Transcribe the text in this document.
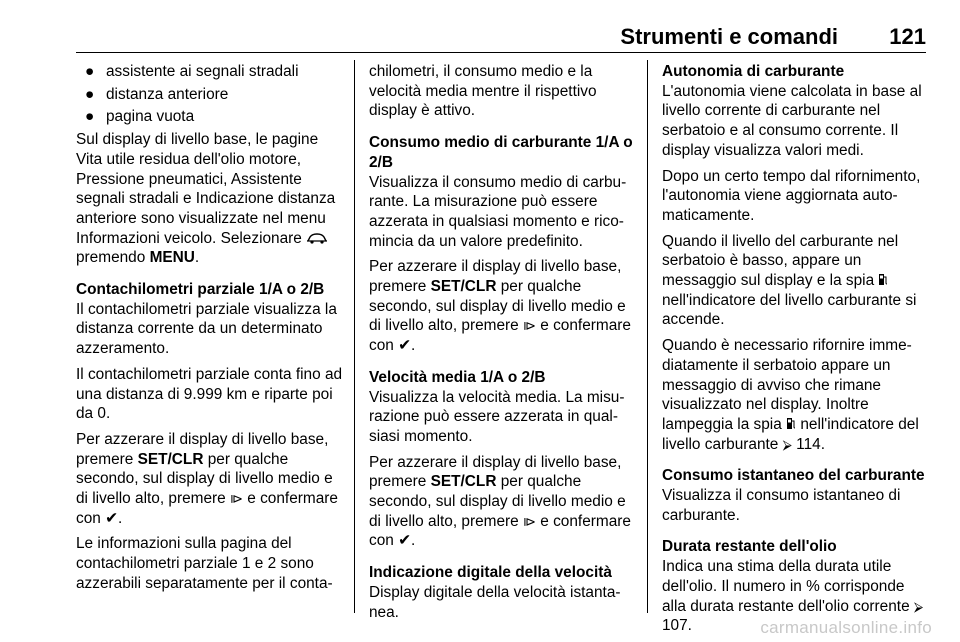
Strumenti e comandi 121
● assistente ai segnali stradali
● distanza anteriore
● pagina vuota

Sul display di livello base, le pagine Vita utile residua dell'olio motore, Pressione pneumatici, Assistente segnali stradali e Indicazione distanza anteriore sono visualizzate nel menu Informazioni veicolo. Selezionare  premendo MENU.

Contachilometri parziale 1/A o 2/B

Il contachilometri parziale visualizza la distanza corrente da un determinato azzeramento.

Il contachilometri parziale conta fino ad una distanza di 9.999 km e riparte poi da 0.

Per azzerare il display di livello base, premere SET/CLR per qualche secondo, sul display di livello medio e di livello alto, premere ⧐ e confermare con ✔.

Le informazioni sulla pagina del contachilometri parziale 1 e 2 sono azzerabili separatamente per il conta-

chilometri, il consumo medio e la velocità media mentre il rispettivo display è attivo.

Consumo medio di carburante 1/A o 2/B

Visualizza il consumo medio di carburante. La misurazione può essere azzerata in qualsiasi momento e ricomincia da un valore predefinito.

Per azzerare il display di livello base, premere SET/CLR per qualche secondo, sul display di livello medio e di livello alto, premere ⧐ e confermare con ✔.

Velocità media 1/A o 2/B

Visualizza la velocità media. La misurazione può essere azzerata in qualsiasi momento.

Per azzerare il display di livello base, premere SET/CLR per qualche secondo, sul display di livello medio e di livello alto, premere ⧐ e confermare con ✔.

Indicazione digitale della velocità

Display digitale della velocità istantanea.

Autonomia di carburante

L'autonomia viene calcolata in base al livello corrente di carburante nel serbatoio e al consumo corrente. Il display visualizza valori medi.

Dopo un certo tempo dal rifornimento, l'autonomia viene aggiornata automaticamente.

Quando il livello del carburante nel serbatoio è basso, appare un messaggio sul display e la spia  nell'indicatore del livello carburante si accende.

Quando è necessario rifornire immediatamente il serbatoio appare un messaggio di avviso che rimane visualizzato nel display. Inoltre lampeggia la spia nell'indicatore del livello carburante ⮚ 114.

Consumo istantaneo del carburante

Visualizza il consumo istantaneo di carburante.

Durata restante dell'olio

Indica una stima della durata utile dell'olio. Il numero in % corrisponde alla durata restante dell'olio corrente ⮚ 107.	carmanualsonline.info
